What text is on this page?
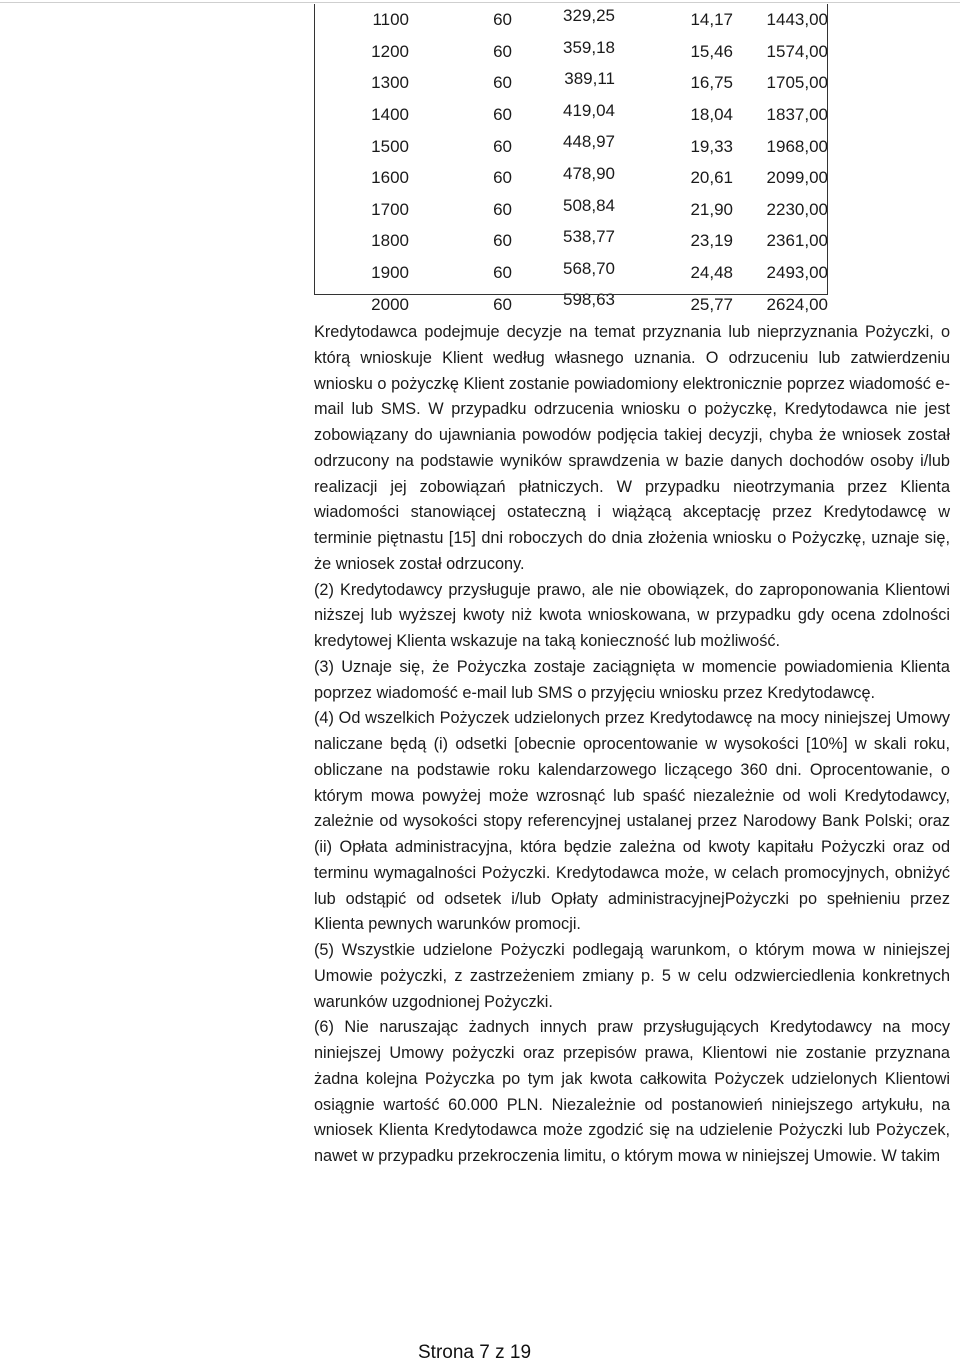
1100	60	329,25	14,17	1443,00
1200	60	359,18	15,46	1574,00
1300	60	389,11	16,75	1705,00
1400	60	419,04	18,04	1837,00
1500	60	448,97	19,33	1968,00
1600	60	478,90	20,61	2099,00
1700	60	508,84	21,90	2230,00
1800	60	538,77	23,19	2361,00
1900	60	568,70	24,48	2493,00
2000	60	598,63	25,77	2624,00

Kredytodawca podejmuje decyzje na temat przyznania lub nieprzyznania Pożyczki, o którą wnioskuje Klient według własnego uznania. O odrzuceniu lub zatwierdzeniu wniosku o pożyczkę Klient zostanie powiadomiony elektronicznie poprzez wiadomość e-mail lub SMS. W przypadku odrzucenia wniosku o pożyczkę, Kredytodawca nie jest zobowiązany do ujawniania powodów podjęcia takiej decyzji, chyba że wniosek został odrzucony na podstawie wyników sprawdzenia w bazie danych dochodów osoby i/lub realizacji jej zobowiązań płatniczych. W przypadku nieotrzymania przez Klienta wiadomości stanowiącej ostateczną i wiążącą akceptację przez Kredytodawcę w terminie piętnastu [15] dni roboczych do dnia złożenia wniosku o Pożyczkę, uznaje się, że wniosek został odrzucony.

(2) Kredytodawcy przysługuje prawo, ale nie obowiązek, do zaproponowania Klientowi niższej lub wyższej kwoty niż kwota wnioskowana, w przypadku gdy ocena zdolności kredytowej Klienta wskazuje na taką konieczność lub możliwość.

(3) Uznaje się, że Pożyczka zostaje zaciągnięta w momencie powiadomienia Klienta poprzez wiadomość e-mail lub SMS o przyjęciu wniosku przez Kredytodawcę.

(4) Od wszelkich Pożyczek udzielonych przez Kredytodawcę na mocy niniejszej Umowy naliczane będą (i) odsetki [obecnie oprocentowanie w wysokości [10%] w skali roku, obliczane na podstawie roku kalendarzowego liczącego 360 dni. Oprocentowanie, o którym mowa powyżej może wzrosnąć lub spaść niezależnie od woli Kredytodawcy, zależnie od wysokości stopy referencyjnej ustalanej przez Narodowy Bank Polski; oraz (ii) Opłata administracyjna, która będzie zależna od kwoty kapitału Pożyczki oraz od terminu wymagalności Pożyczki. Kredytodawca może, w celach promocyjnych, obniżyć lub odstąpić od odsetek i/lub Opłaty administracyjnejPożyczki po spełnieniu przez Klienta pewnych warunków promocji.

(5) Wszystkie udzielone Pożyczki podlegają warunkom, o którym mowa w niniejszej Umowie pożyczki, z zastrzeżeniem zmiany p. 5 w celu odzwierciedlenia konkretnych warunków uzgodnionej Pożyczki.

(6) Nie naruszając żadnych innych praw przysługujących Kredytodawcy na mocy niniejszej Umowy pożyczki oraz przepisów prawa, Klientowi nie zostanie przyznana żadna kolejna Pożyczka po tym jak kwota całkowita Pożyczek udzielonych Klientowi osiągnie wartość 60.000 PLN. Niezależnie od postanowień niniejszego artykułu, na wniosek Klienta Kredytodawca może zgodzić się na udzielenie Pożyczki lub Pożyczek, nawet w przypadku przekroczenia limitu, o którym mowa w niniejszej Umowie. W takim

Strona 7 z 19
